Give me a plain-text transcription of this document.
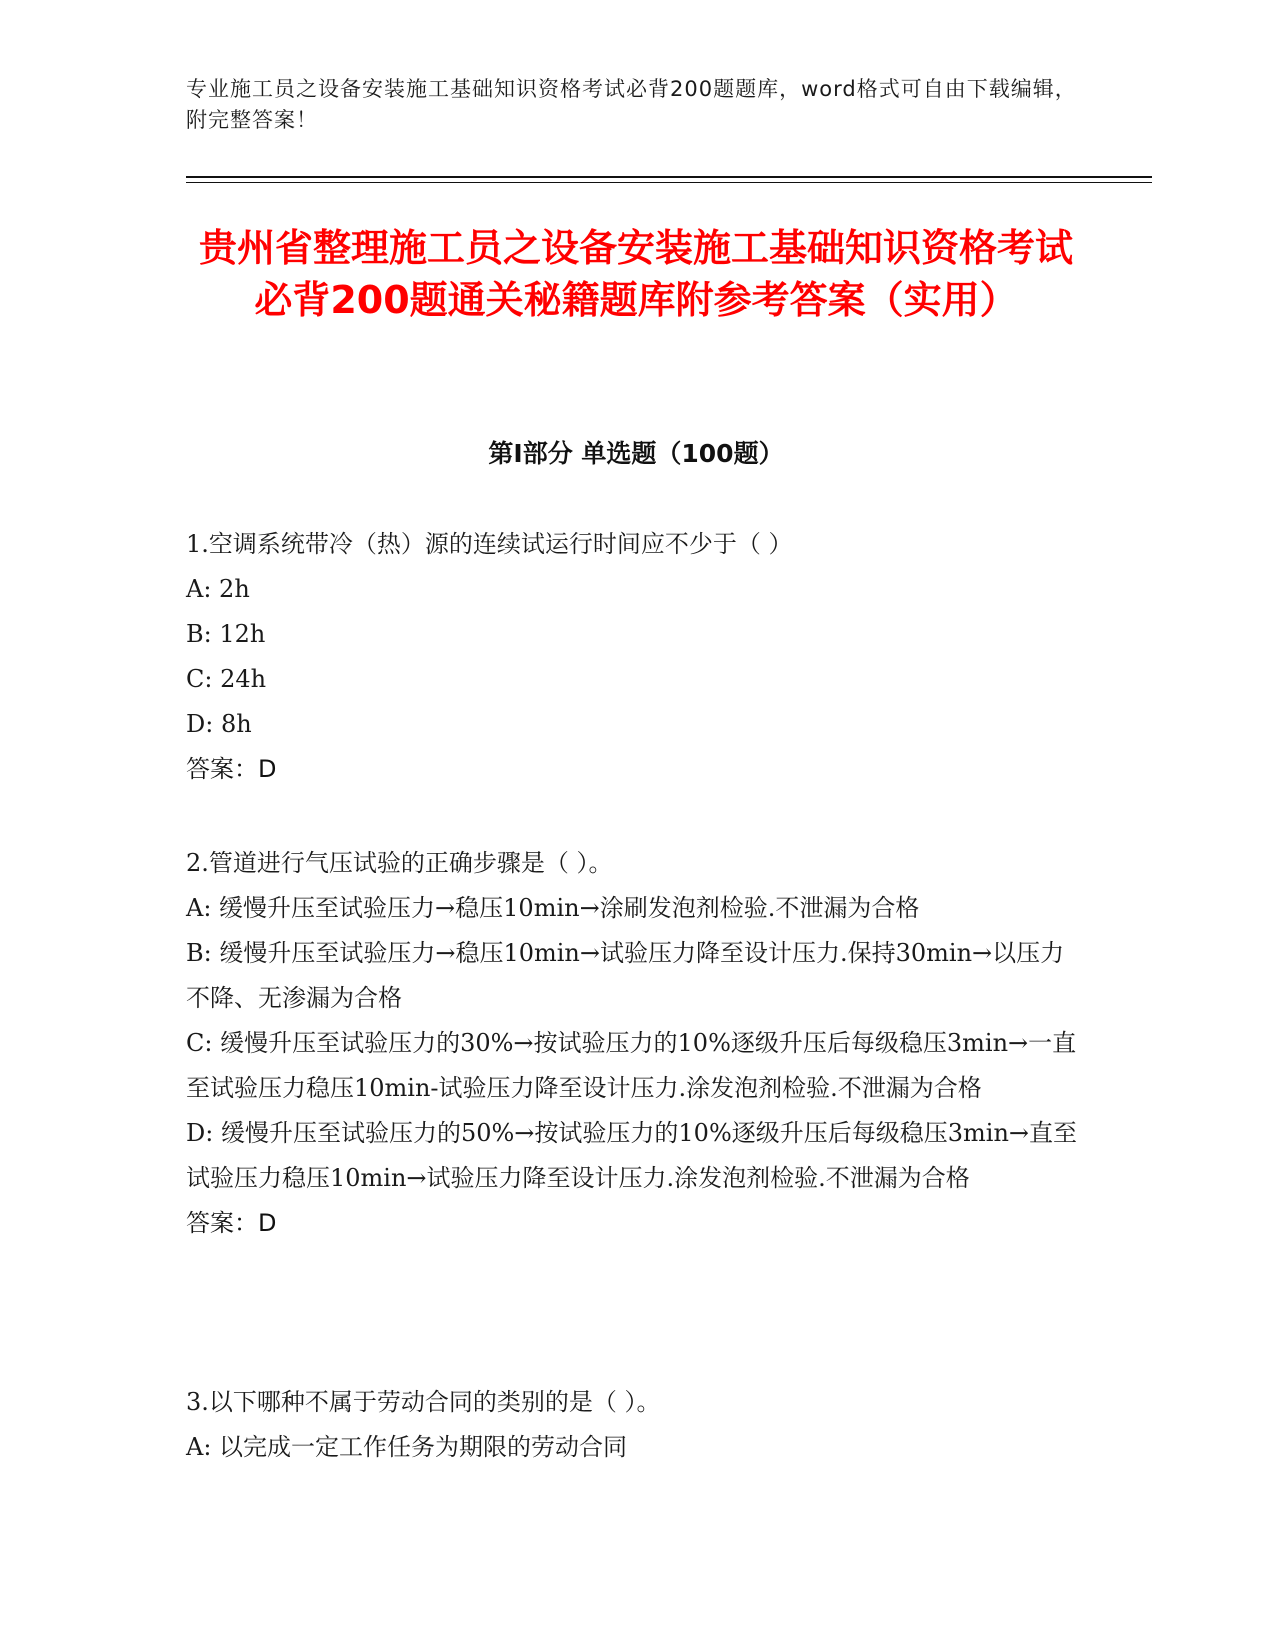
专业施工员之设备安装施工基础知识资格考试必背200题题库，word格式可自由下载编辑，附完整答案！
贵州省整理施工员之设备安装施工基础知识资格考试必背200题通关秘籍题库附参考答案（实用）
第I部分 单选题（100题）
1.空调系统带冷（热）源的连续试运行时间应不少于（ ）
A: 2h
B: 12h
C: 24h
D: 8h
答案：D
2.管道进行气压试验的正确步骤是（ ）。
A: 缓慢升压至试验压力→稳压10min→涂刷发泡剂检验.不泄漏为合格
B: 缓慢升压至试验压力→稳压10min→试验压力降至设计压力.保持30min→以压力不降、无渗漏为合格
C: 缓慢升压至试验压力的30%→按试验压力的10%逐级升压后每级稳压3min→一直至试验压力稳压10min-试验压力降至设计压力.涂发泡剂检验.不泄漏为合格
D: 缓慢升压至试验压力的50%→按试验压力的10%逐级升压后每级稳压3min→直至试验压力稳压10min→试验压力降至设计压力.涂发泡剂检验.不泄漏为合格
答案：D
3.以下哪种不属于劳动合同的类别的是（ ）。
A: 以完成一定工作任务为期限的劳动合同
